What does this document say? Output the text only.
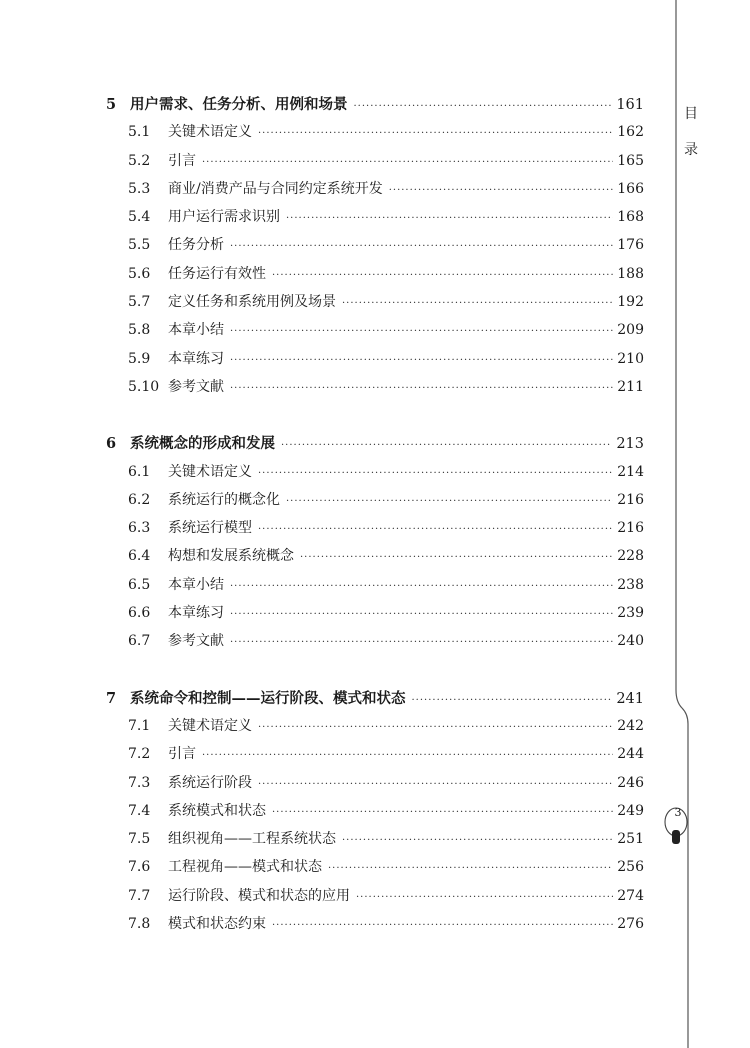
目
录
3
5 用户需求、任务分析、用例和场景 ·····	161
5.1	关键术语定义 ·····	162
5.2	引言 ·····	165
5.3	商业/消费产品与合同约定系统开发 ·····	166
5.4	用户运行需求识别 ·····	168
5.5	任务分析 ·····	176
5.6	任务运行有效性 ·····	188
5.7	定义任务和系统用例及场景 ·····	192
5.8	本章小结 ·····	209
5.9	本章练习 ·····	210
5.10 参考文献 ·····	211
6 系统概念的形成和发展 ·····	213
6.1	关键术语定义 ·····	214
6.2	系统运行的概念化 ·····	216
6.3	系统运行模型 ·····	216
6.4	构想和发展系统概念 ·····	228
6.5	本章小结 ·····	238
6.6	本章练习 ·····	239
6.7	参考文献 ·····	240
7 系统命令和控制——运行阶段、模式和状态 ·····	241
7.1	关键术语定义 ·····	242
7.2	引言 ·····	244
7.3	系统运行阶段 ·····	246
7.4	系统模式和状态 ·····	249
7.5	组织视角——工程系统状态 ·····	251
7.6	工程视角——模式和状态 ·····	256
7.7	运行阶段、模式和状态的应用 ·····	274
7.8	模式和状态约束 ·····	276
